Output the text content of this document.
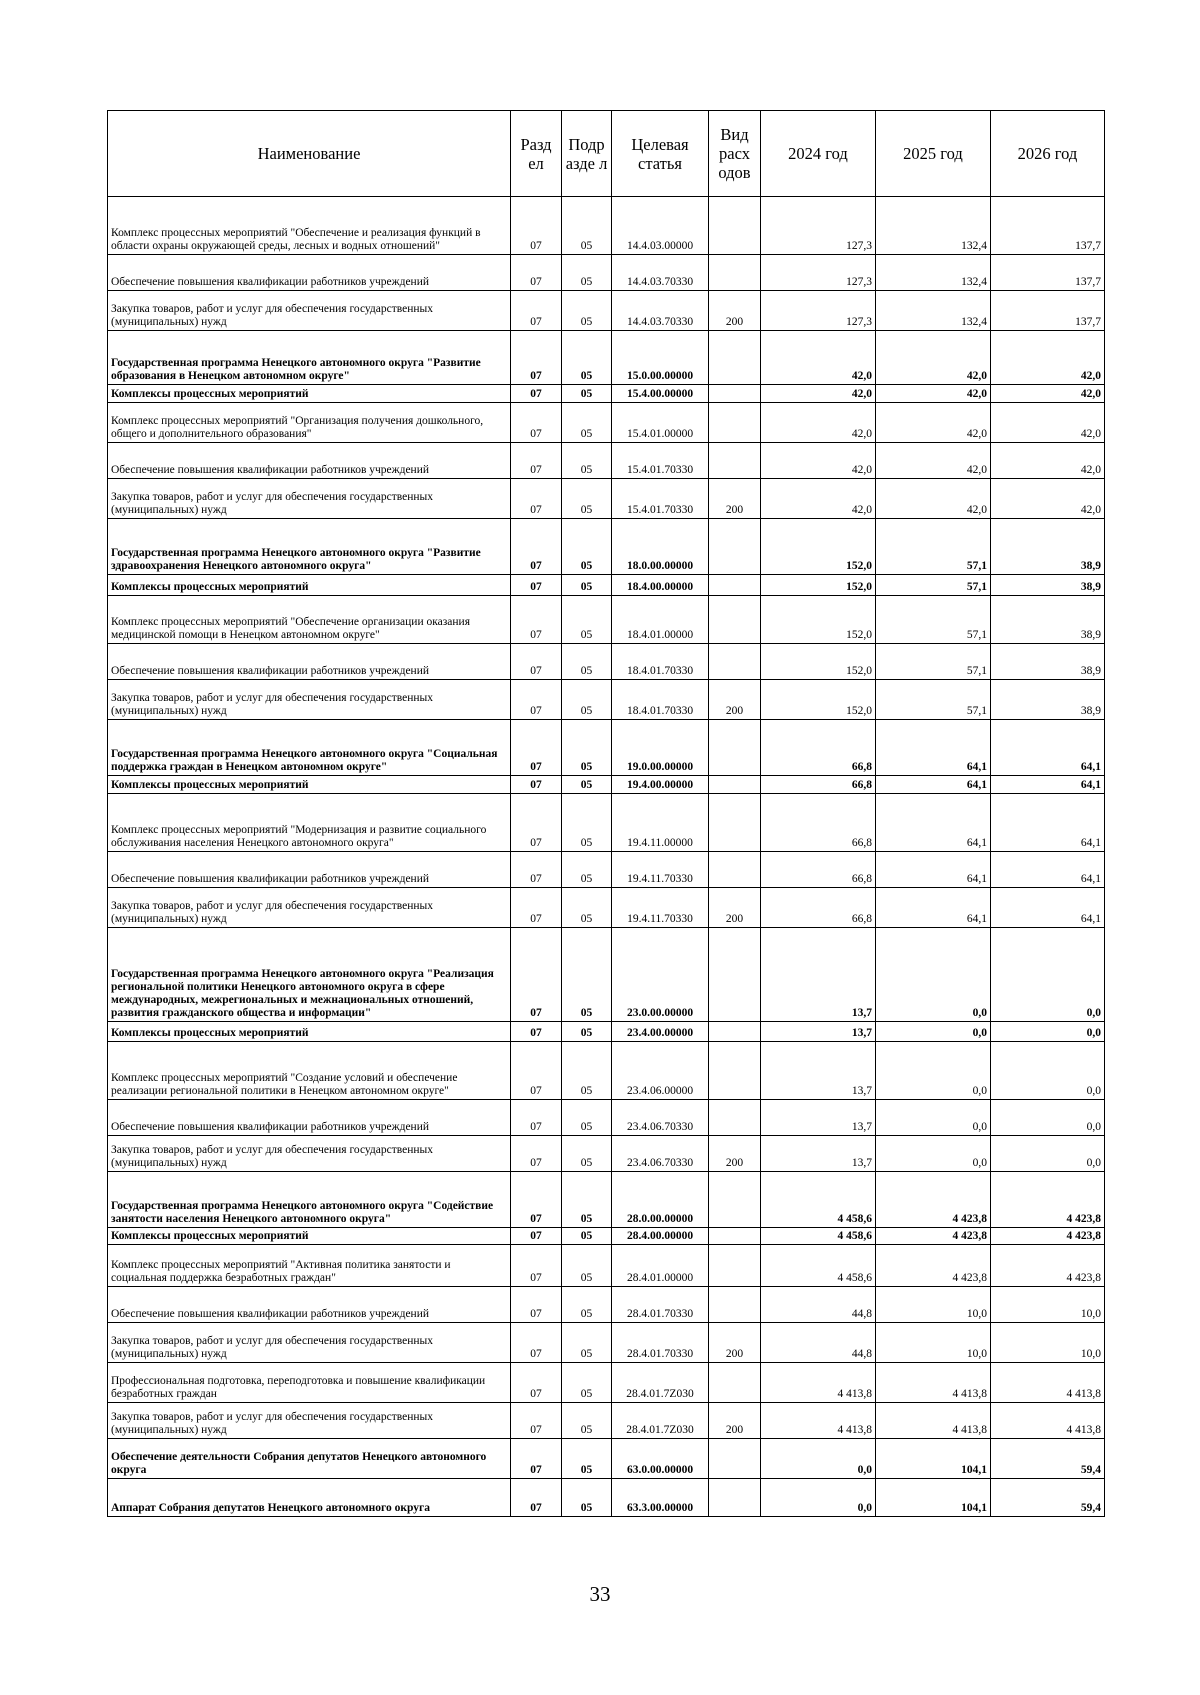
Наименование	Разд ел	Подр азде л	Целевая статья	Вид расх одов	2024 год	2025 год	2026 год
Комплекс процессных мероприятий "Обеспечение и реализация функций в области охраны окружающей среды, лесных и водных отношений"	07	05	14.4.03.00000		127,3	132,4	137,7
Обеспечение повышения квалификации работников учреждений	07	05	14.4.03.70330		127,3	132,4	137,7
Закупка товаров, работ и услуг для обеспечения государственных (муниципальных) нужд	07	05	14.4.03.70330	200	127,3	132,4	137,7
Государственная программа Ненецкого автономного округа "Развитие образования в Ненецком автономном округе"	07	05	15.0.00.00000		42,0	42,0	42,0
Комплексы процессных мероприятий	07	05	15.4.00.00000		42,0	42,0	42,0
Комплекс процессных мероприятий "Организация получения дошкольного, общего и дополнительного образования"	07	05	15.4.01.00000		42,0	42,0	42,0
Обеспечение повышения квалификации работников учреждений	07	05	15.4.01.70330		42,0	42,0	42,0
Закупка товаров, работ и услуг для обеспечения государственных (муниципальных) нужд	07	05	15.4.01.70330	200	42,0	42,0	42,0
Государственная программа Ненецкого автономного округа "Развитие здравоохранения Ненецкого автономного округа"	07	05	18.0.00.00000		152,0	57,1	38,9
Комплексы процессных мероприятий	07	05	18.4.00.00000		152,0	57,1	38,9
Комплекс процессных мероприятий "Обеспечение организации оказания медицинской помощи в Ненецком автономном округе"	07	05	18.4.01.00000		152,0	57,1	38,9
Обеспечение повышения квалификации работников учреждений	07	05	18.4.01.70330		152,0	57,1	38,9
Закупка товаров, работ и услуг для обеспечения государственных (муниципальных) нужд	07	05	18.4.01.70330	200	152,0	57,1	38,9
Государственная программа Ненецкого автономного округа "Социальная поддержка граждан в Ненецком автономном округе"	07	05	19.0.00.00000		66,8	64,1	64,1
Комплексы процессных мероприятий	07	05	19.4.00.00000		66,8	64,1	64,1
Комплекс процессных мероприятий "Модернизация и развитие социального обслуживания населения Ненецкого автономного округа"	07	05	19.4.11.00000		66,8	64,1	64,1
Обеспечение повышения квалификации работников учреждений	07	05	19.4.11.70330		66,8	64,1	64,1
Закупка товаров, работ и услуг для обеспечения государственных (муниципальных) нужд	07	05	19.4.11.70330	200	66,8	64,1	64,1
Государственная программа Ненецкого автономного округа "Реализация региональной политики Ненецкого автономного округа в сфере международных, межрегиональных и межнациональных отношений, развития гражданского общества и информации"	07	05	23.0.00.00000		13,7	0,0	0,0
Комплексы процессных мероприятий	07	05	23.4.00.00000		13,7	0,0	0,0
Комплекс процессных мероприятий "Создание условий и обеспечение реализации региональной политики в Ненецком автономном округе"	07	05	23.4.06.00000		13,7	0,0	0,0
Обеспечение повышения квалификации работников учреждений	07	05	23.4.06.70330		13,7	0,0	0,0
Закупка товаров, работ и услуг для обеспечения государственных (муниципальных) нужд	07	05	23.4.06.70330	200	13,7	0,0	0,0
Государственная программа Ненецкого автономного округа "Содействие занятости населения Ненецкого автономного округа"	07	05	28.0.00.00000		4 458,6	4 423,8	4 423,8
Комплексы процессных мероприятий	07	05	28.4.00.00000		4 458,6	4 423,8	4 423,8
Комплекс процессных мероприятий "Активная политика занятости и социальная поддержка безработных граждан"	07	05	28.4.01.00000		4 458,6	4 423,8	4 423,8
Обеспечение повышения квалификации работников учреждений	07	05	28.4.01.70330		44,8	10,0	10,0
Закупка товаров, работ и услуг для обеспечения государственных (муниципальных) нужд	07	05	28.4.01.70330	200	44,8	10,0	10,0
Профессиональная подготовка, переподготовка и повышение квалификации безработных граждан	07	05	28.4.01.7Z030		4 413,8	4 413,8	4 413,8
Закупка товаров, работ и услуг для обеспечения государственных (муниципальных) нужд	07	05	28.4.01.7Z030	200	4 413,8	4 413,8	4 413,8
Обеспечение деятельности Собрания депутатов Ненецкого автономного округа	07	05	63.0.00.00000		0,0	104,1	59,4
Аппарат Собрания депутатов Ненецкого автономного округа	07	05	63.3.00.00000		0,0	104,1	59,4
33
